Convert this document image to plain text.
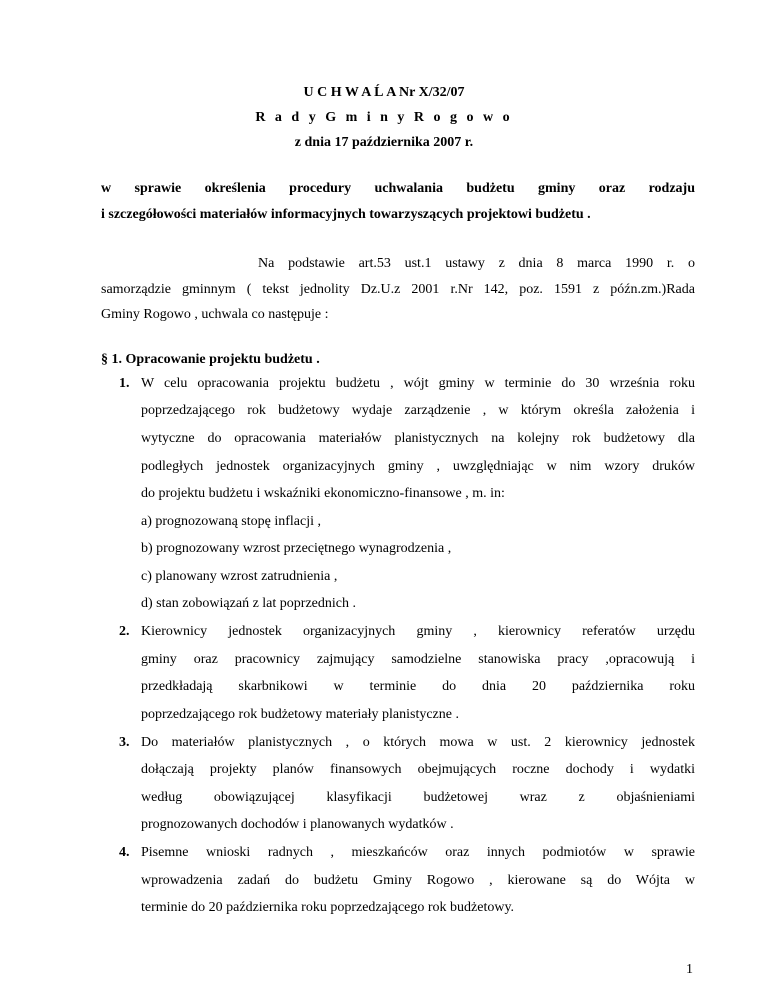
U C H W A Ĺ A Nr X/32/07
R a d y G m i n y R o g o w o
z dnia 17 października 2007 r.
w sprawie określenia procedury uchwalania budżetu gminy oraz rodzaju
i szczegółowości materiałów informacyjnych towarzyszących projektowi budżetu .
Na podstawie art.53 ust.1 ustawy z dnia 8 marca 1990 r. o
samorządzie gminnym ( tekst jednolity Dz.U.z 2001 r.Nr 142, poz. 1591 z późn.zm.)Rada
Gminy Rogowo , uchwala co następuje :
§ 1. Opracowanie projektu budżetu .
1. W celu opracowania projektu budżetu , wójt gminy w terminie do 30 września roku
poprzedzającego rok budżetowy wydaje zarządzenie , w którym określa założenia i
wytyczne do opracowania materiałów planistycznych na kolejny rok budżetowy dla
podległych jednostek organizacyjnych gminy , uwzględniając w nim wzory druków
do projektu budżetu i wskaźniki ekonomiczno-finansowe , m. in:
a) prognozowaną stopę inflacji ,
b) prognozowany wzrost przeciętnego wynagrodzenia ,
c) planowany wzrost zatrudnienia ,
d) stan zobowiązań z lat poprzednich .
2. Kierownicy jednostek organizacyjnych gminy , kierownicy referatów urzędu
gminy oraz pracownicy zajmujący samodzielne stanowiska pracy ,opracowują i
przedkładają skarbnikowi w terminie do dnia 20 października roku
poprzedzającego rok budżetowy materiały planistyczne .
3. Do materiałów planistycznych , o których mowa w ust. 2 kierownicy jednostek
dołączają projekty planów finansowych obejmujących roczne dochody i wydatki
według obowiązującej klasyfikacji budżetowej wraz z objaśnieniami
prognozowanych dochodów i planowanych wydatków .
4. Pisemne wnioski radnych , mieszkańców oraz innych podmiotów w sprawie
wprowadzenia zadań do budżetu Gminy Rogowo , kierowane są do Wójta w
terminie do 20 października roku poprzedzającego rok budżetowy.
1
